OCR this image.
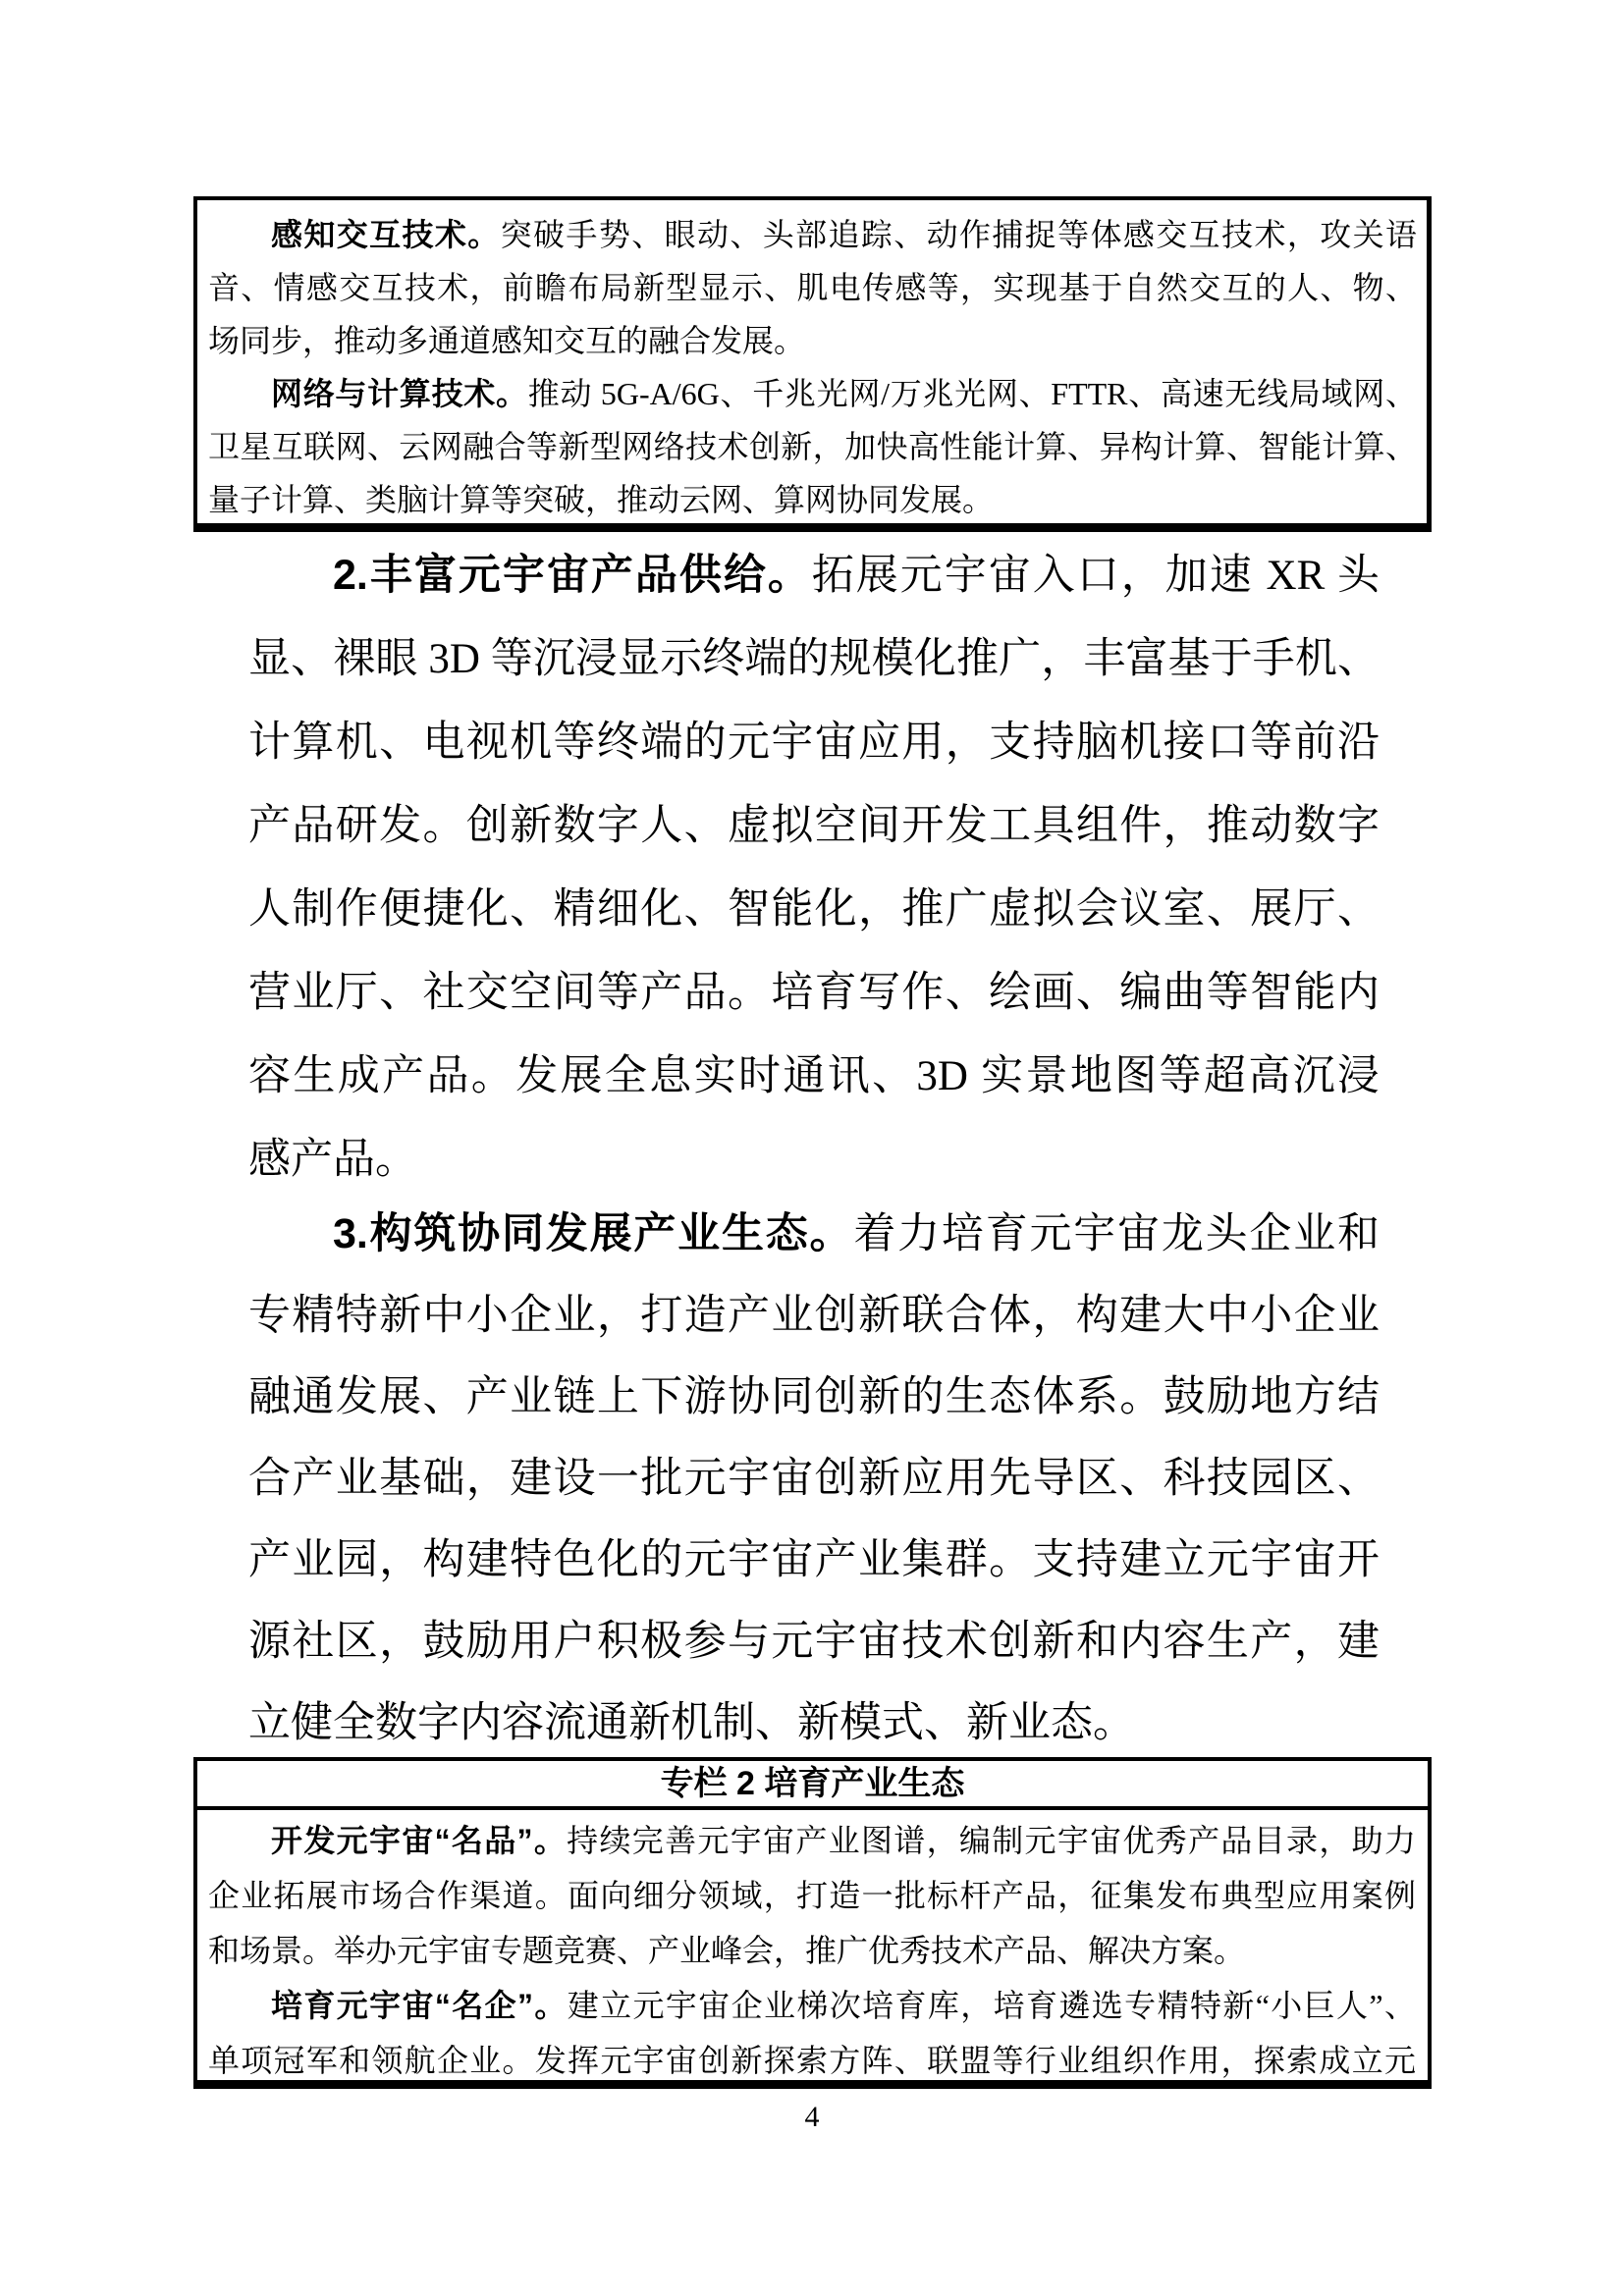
感知交互技术。突破手势、眼动、头部追踪、动作捕捉等体感交互技术，攻关语
音、情感交互技术，前瞻布局新型显示、肌电传感等，实现基于自然交互的人、物、
场同步，推动多通道感知交互的融合发展。
网络与计算技术。推动 5G-A/6G、千兆光网/万兆光网、FTTR、高速无线局域网、
卫星互联网、云网融合等新型网络技术创新，加快高性能计算、异构计算、智能计算、
量子计算、类脑计算等突破，推动云网、算网协同发展。
2.丰富元宇宙产品供给。拓展元宇宙入口，加速 XR 头
显、裸眼 3D 等沉浸显示终端的规模化推广，丰富基于手机、
计算机、电视机等终端的元宇宙应用，支持脑机接口等前沿
产品研发。创新数字人、虚拟空间开发工具组件，推动数字
人制作便捷化、精细化、智能化，推广虚拟会议室、展厅、
营业厅、社交空间等产品。培育写作、绘画、编曲等智能内
容生成产品。发展全息实时通讯、3D 实景地图等超高沉浸
感产品。
3.构筑协同发展产业生态。着力培育元宇宙龙头企业和
专精特新中小企业，打造产业创新联合体，构建大中小企业
融通发展、产业链上下游协同创新的生态体系。鼓励地方结
合产业基础，建设一批元宇宙创新应用先导区、科技园区、
产业园，构建特色化的元宇宙产业集群。支持建立元宇宙开
源社区，鼓励用户积极参与元宇宙技术创新和内容生产，建
立健全数字内容流通新机制、新模式、新业态。
专栏 2 培育产业生态
开发元宇宙“名品”。持续完善元宇宙产业图谱，编制元宇宙优秀产品目录，助力
企业拓展市场合作渠道。面向细分领域，打造一批标杆产品，征集发布典型应用案例
和场景。举办元宇宙专题竞赛、产业峰会，推广优秀技术产品、解决方案。
培育元宇宙“名企”。建立元宇宙企业梯次培育库，培育遴选专精特新“小巨人”、
单项冠军和领航企业。发挥元宇宙创新探索方阵、联盟等行业组织作用，探索成立元
4
